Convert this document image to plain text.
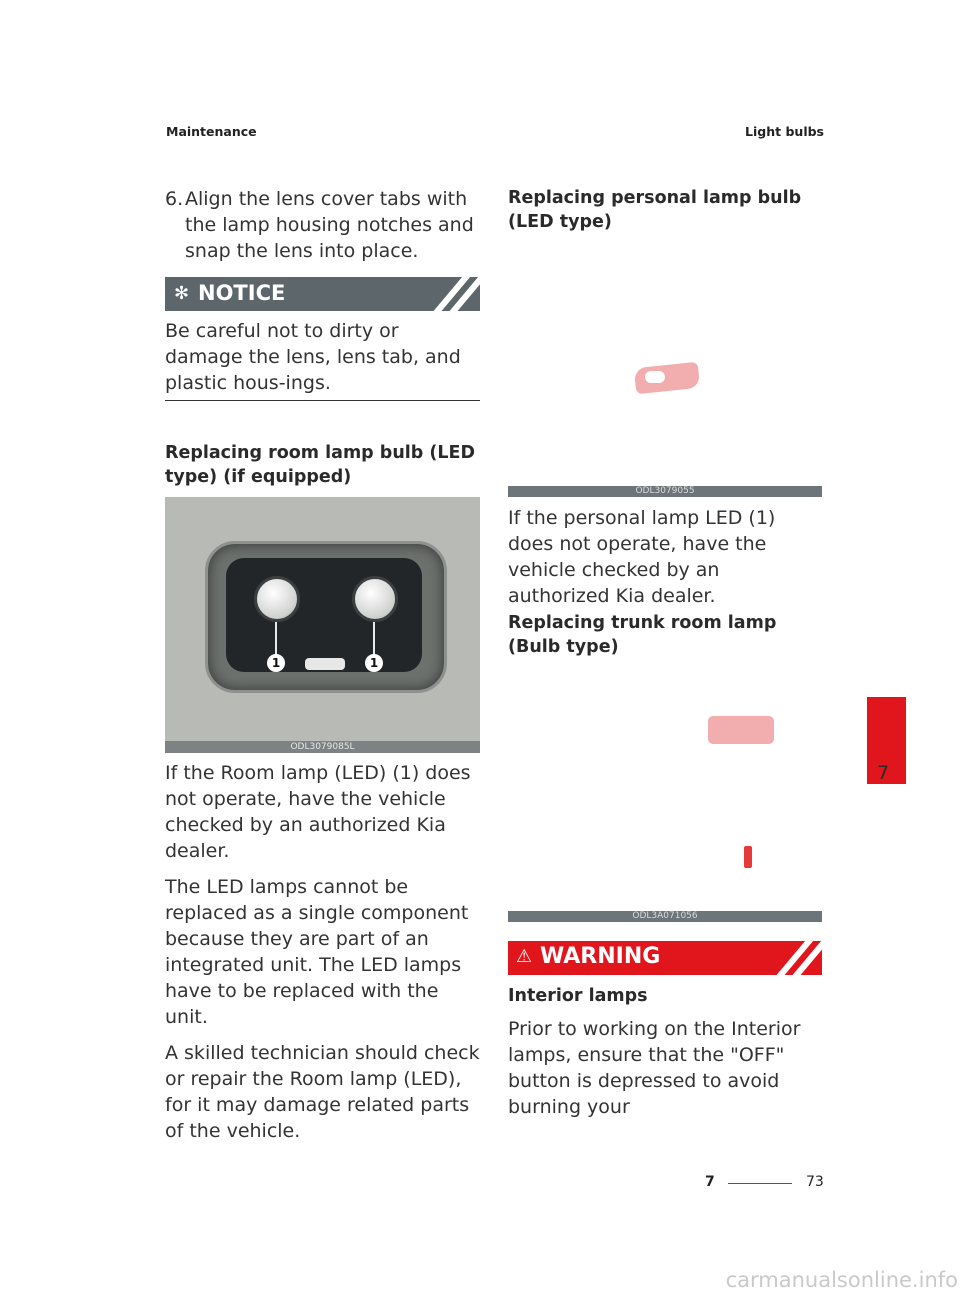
Maintenance	Light bulbs

6. Align the lens cover tabs with the lamp housing notches and snap the lens into place.

✻ NOTICE

Be careful not to dirty or damage the lens, lens tab, and plastic hous-ings.

Replacing room lamp bulb (LED type) (if equipped)
1	1
ODL3079085L

If the Room lamp (LED) (1) does not operate, have the vehicle checked by an authorized Kia dealer.

The LED lamps cannot be replaced as a single component because they are part of an integrated unit. The LED lamps have to be replaced with the unit.

A skilled technician should check or repair the Room lamp (LED), for it may damage related parts of the vehicle.

Replacing personal lamp bulb (LED type)
ODL3079055

If the personal lamp LED (1) does not operate, have the vehicle checked by an authorized Kia dealer.

Replacing trunk room lamp (Bulb type)
ODL3A071056
⚠ WARNING
Interior lamps

Prior to working on the Interior lamps, ensure that the "OFF" button is depressed to avoid burning your

7
7	73
carmanualsonline.info
